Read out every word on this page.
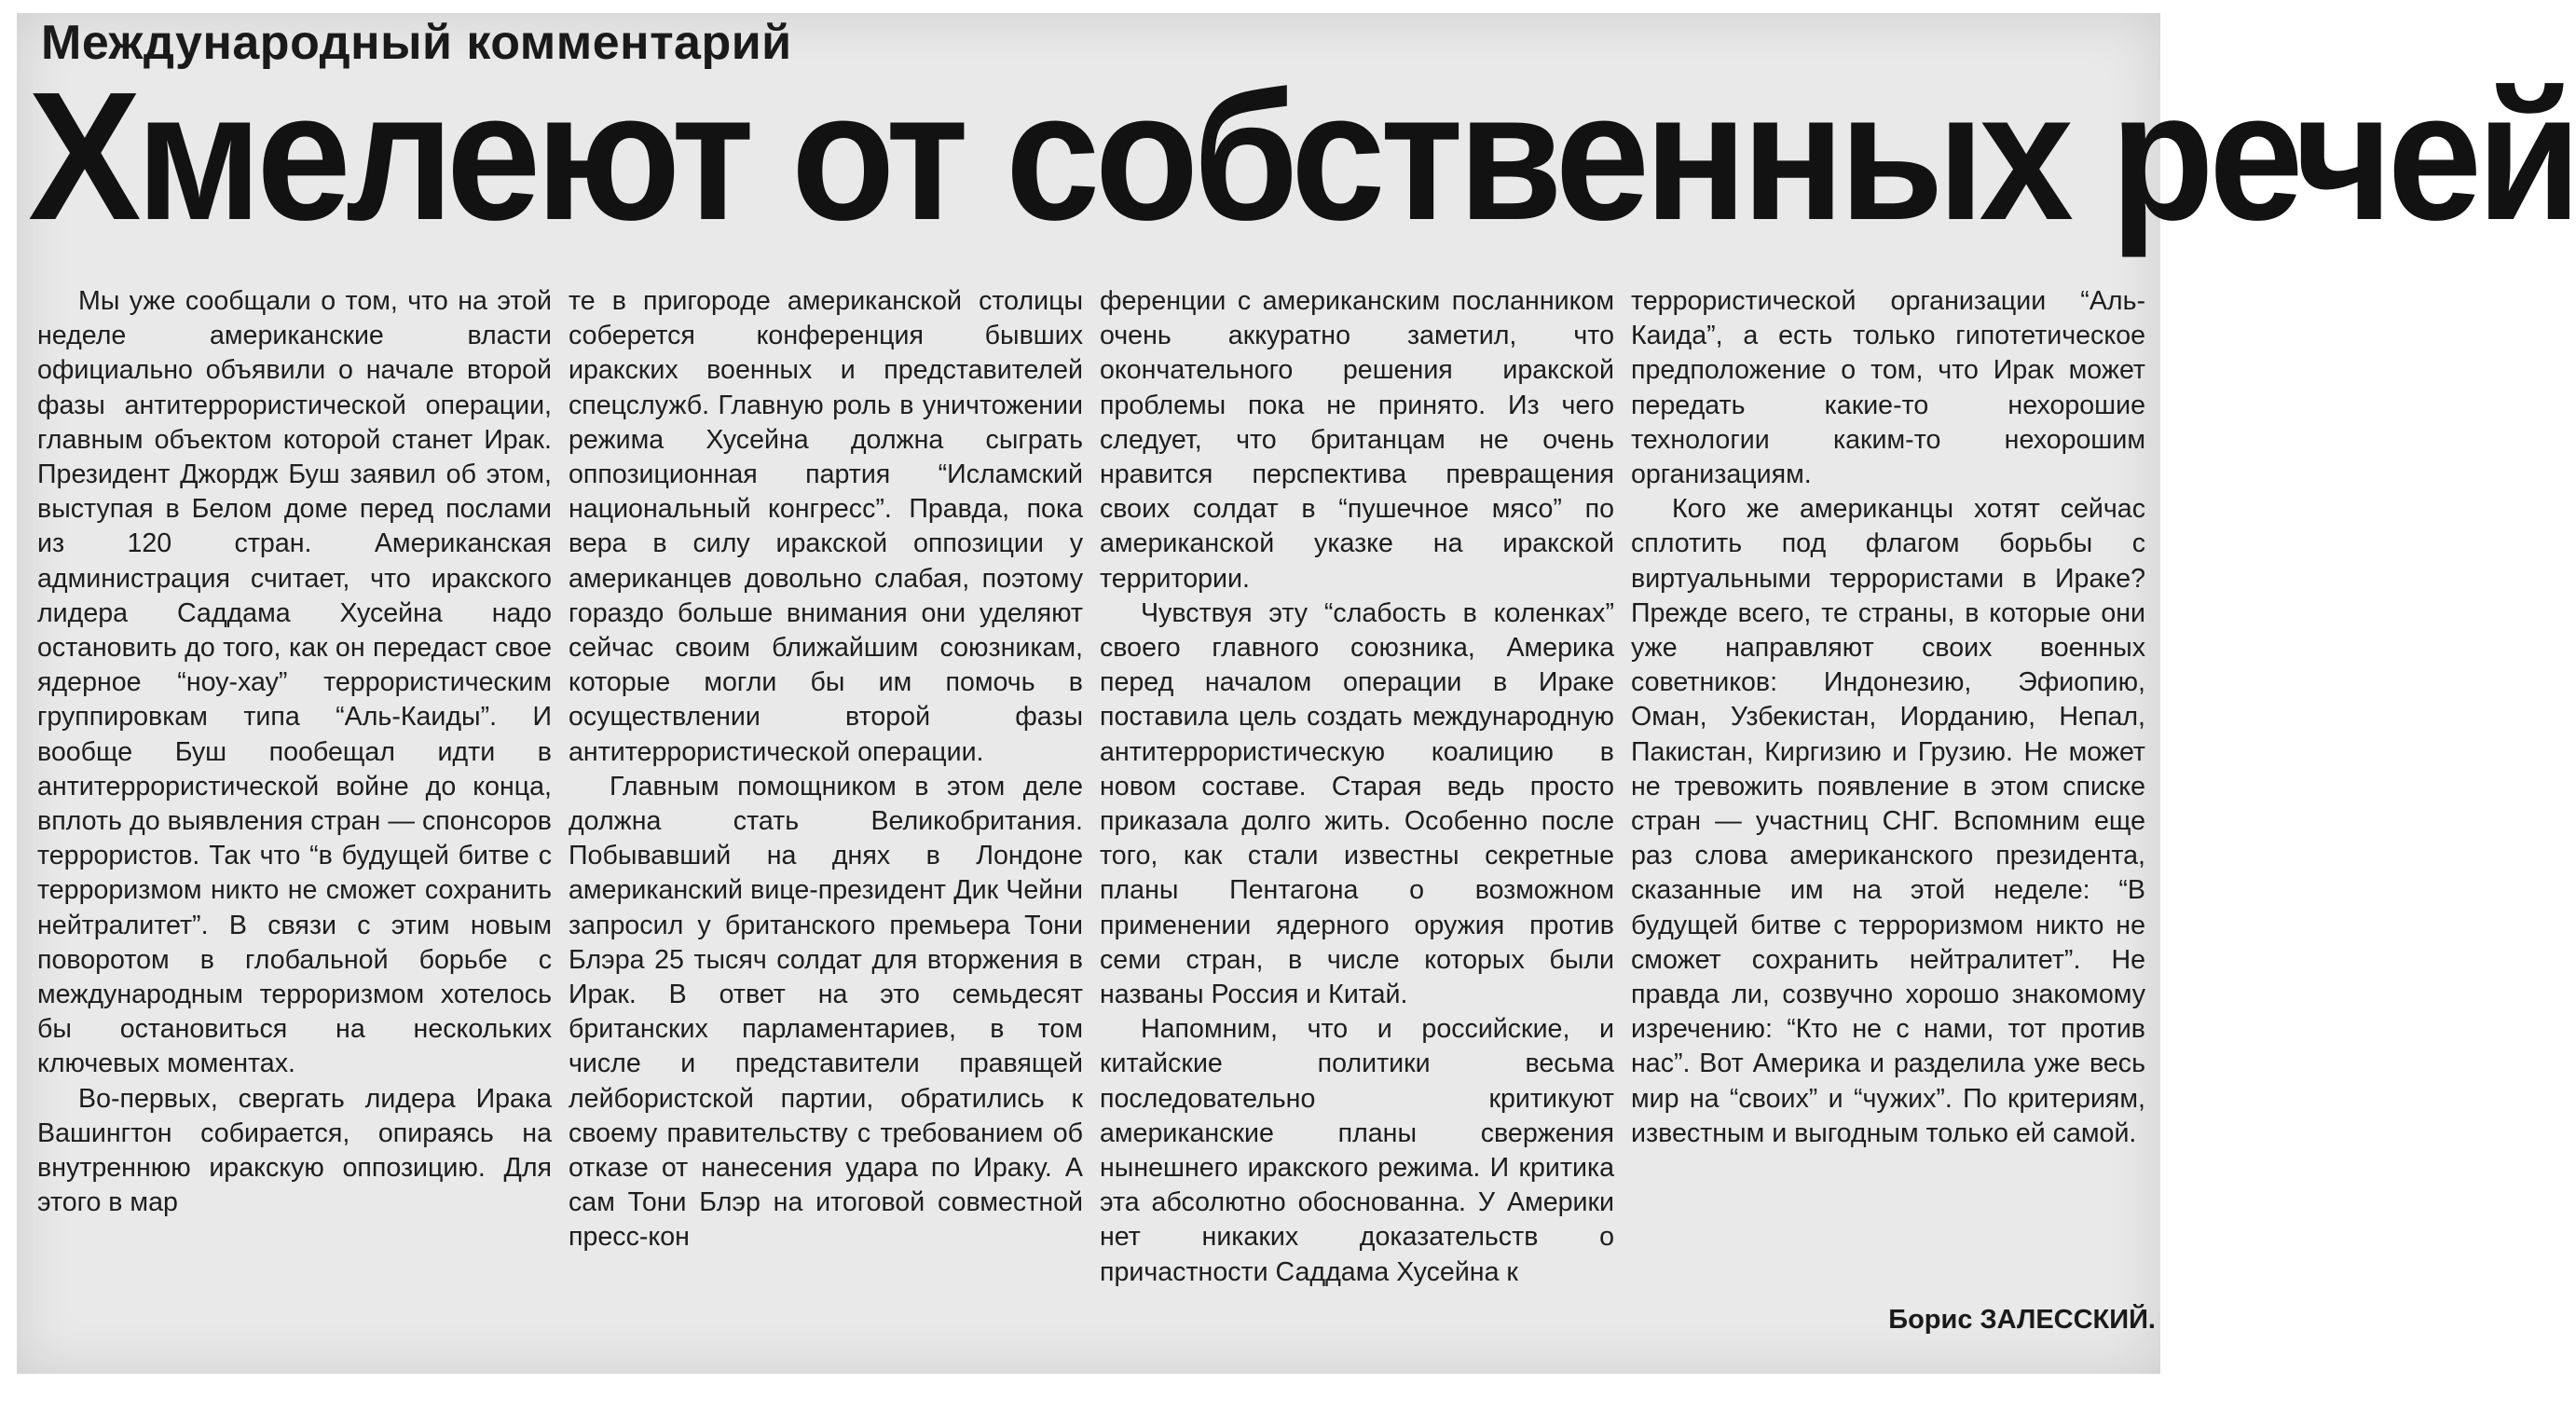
Международный комментарий
Хмелеют от собственных речей

Мы уже сообщали о том, что на этой неделе американские власти официально объявили о начале второй фазы антитеррористической операции, главным объектом которой станет Ирак. Президент Джордж Буш заявил об этом, выступая в Белом доме перед послами из 120 стран. Американская администрация считает, что иракского лидера Саддама Хусейна надо остановить до того, как он передаст свое ядерное “ноу-хау” террористическим группировкам типа “Аль-Каиды”. И вообще Буш пообещал идти в антитеррористической войне до конца, вплоть до выявления стран — спонсоров террористов. Так что “в будущей битве с терроризмом никто не сможет сохранить нейтралитет”. В связи с этим новым поворотом в глобальной борьбе с международным терроризмом хотелось бы остановиться на нескольких ключевых моментах.

Во-первых, свергать лидера Ирака Вашингтон собирается, опираясь на внутреннюю иракскую оппозицию. Для этого в мар

те в пригороде американской столицы соберется конференция бывших иракских военных и представителей спецслужб. Главную роль в уничтожении режима Хусейна должна сыграть оппозиционная партия “Исламский национальный конгресс”. Правда, пока вера в силу иракской оппозиции у американцев довольно слабая, поэтому гораздо больше внимания они уделяют сейчас своим ближайшим союзникам, которые могли бы им помочь в осуществлении второй фазы антитеррористической операции.

Главным помощником в этом деле должна стать Великобритания. Побывавший на днях в Лондоне американский вице-президент Дик Чейни запросил у британского премьера Тони Блэра 25 тысяч солдат для вторжения в Ирак. В ответ на это семьдесят британских парламентариев, в том числе и представители правящей лейбористской партии, обратились к своему правительству с требованием об отказе от нанесения удара по Ираку. А сам Тони Блэр на итоговой совместной пресс-кон

ференции с американским посланником очень аккуратно заметил, что окончательного решения иракской проблемы пока не принято. Из чего следует, что британцам не очень нравится перспектива превращения своих солдат в “пушечное мясо” по американской указке на иракской территории.

Чувствуя эту “слабость в коленках” своего главного союзника, Америка перед началом операции в Ираке поставила цель создать международную антитеррористическую коалицию в новом составе. Старая ведь просто приказала долго жить. Особенно после того, как стали известны секретные планы Пентагона о возможном применении ядерного оружия против семи стран, в числе которых были названы Россия и Китай.

Напомним, что и российские, и китайские политики весьма последовательно критикуют американские планы свержения нынешнего иракского режима. И критика эта абсолютно обоснованна. У Америки нет никаких доказательств о причастности Саддама Хусейна к

террористической организации “Аль-Каида”, а есть только гипотетическое предположение о том, что Ирак может передать какие-то нехорошие технологии каким-то нехорошим организациям.

Кого же американцы хотят сейчас сплотить под флагом борьбы с виртуальными террористами в Ираке? Прежде всего, те страны, в которые они уже направляют своих военных советников: Индонезию, Эфиопию, Оман, Узбекистан, Иорданию, Непал, Пакистан, Киргизию и Грузию. Не может не тревожить появление в этом списке стран — участниц СНГ. Вспомним еще раз слова американского президента, сказанные им на этой неделе: “В будущей битве с терроризмом никто не сможет сохранить нейтралитет”. Не правда ли, созвучно хорошо знакомому изречению: “Кто не с нами, тот против нас”. Вот Америка и разделила уже весь мир на “своих” и “чужих”. По критериям, известным и выгодным только ей самой.

Борис ЗАЛЕССКИЙ.
